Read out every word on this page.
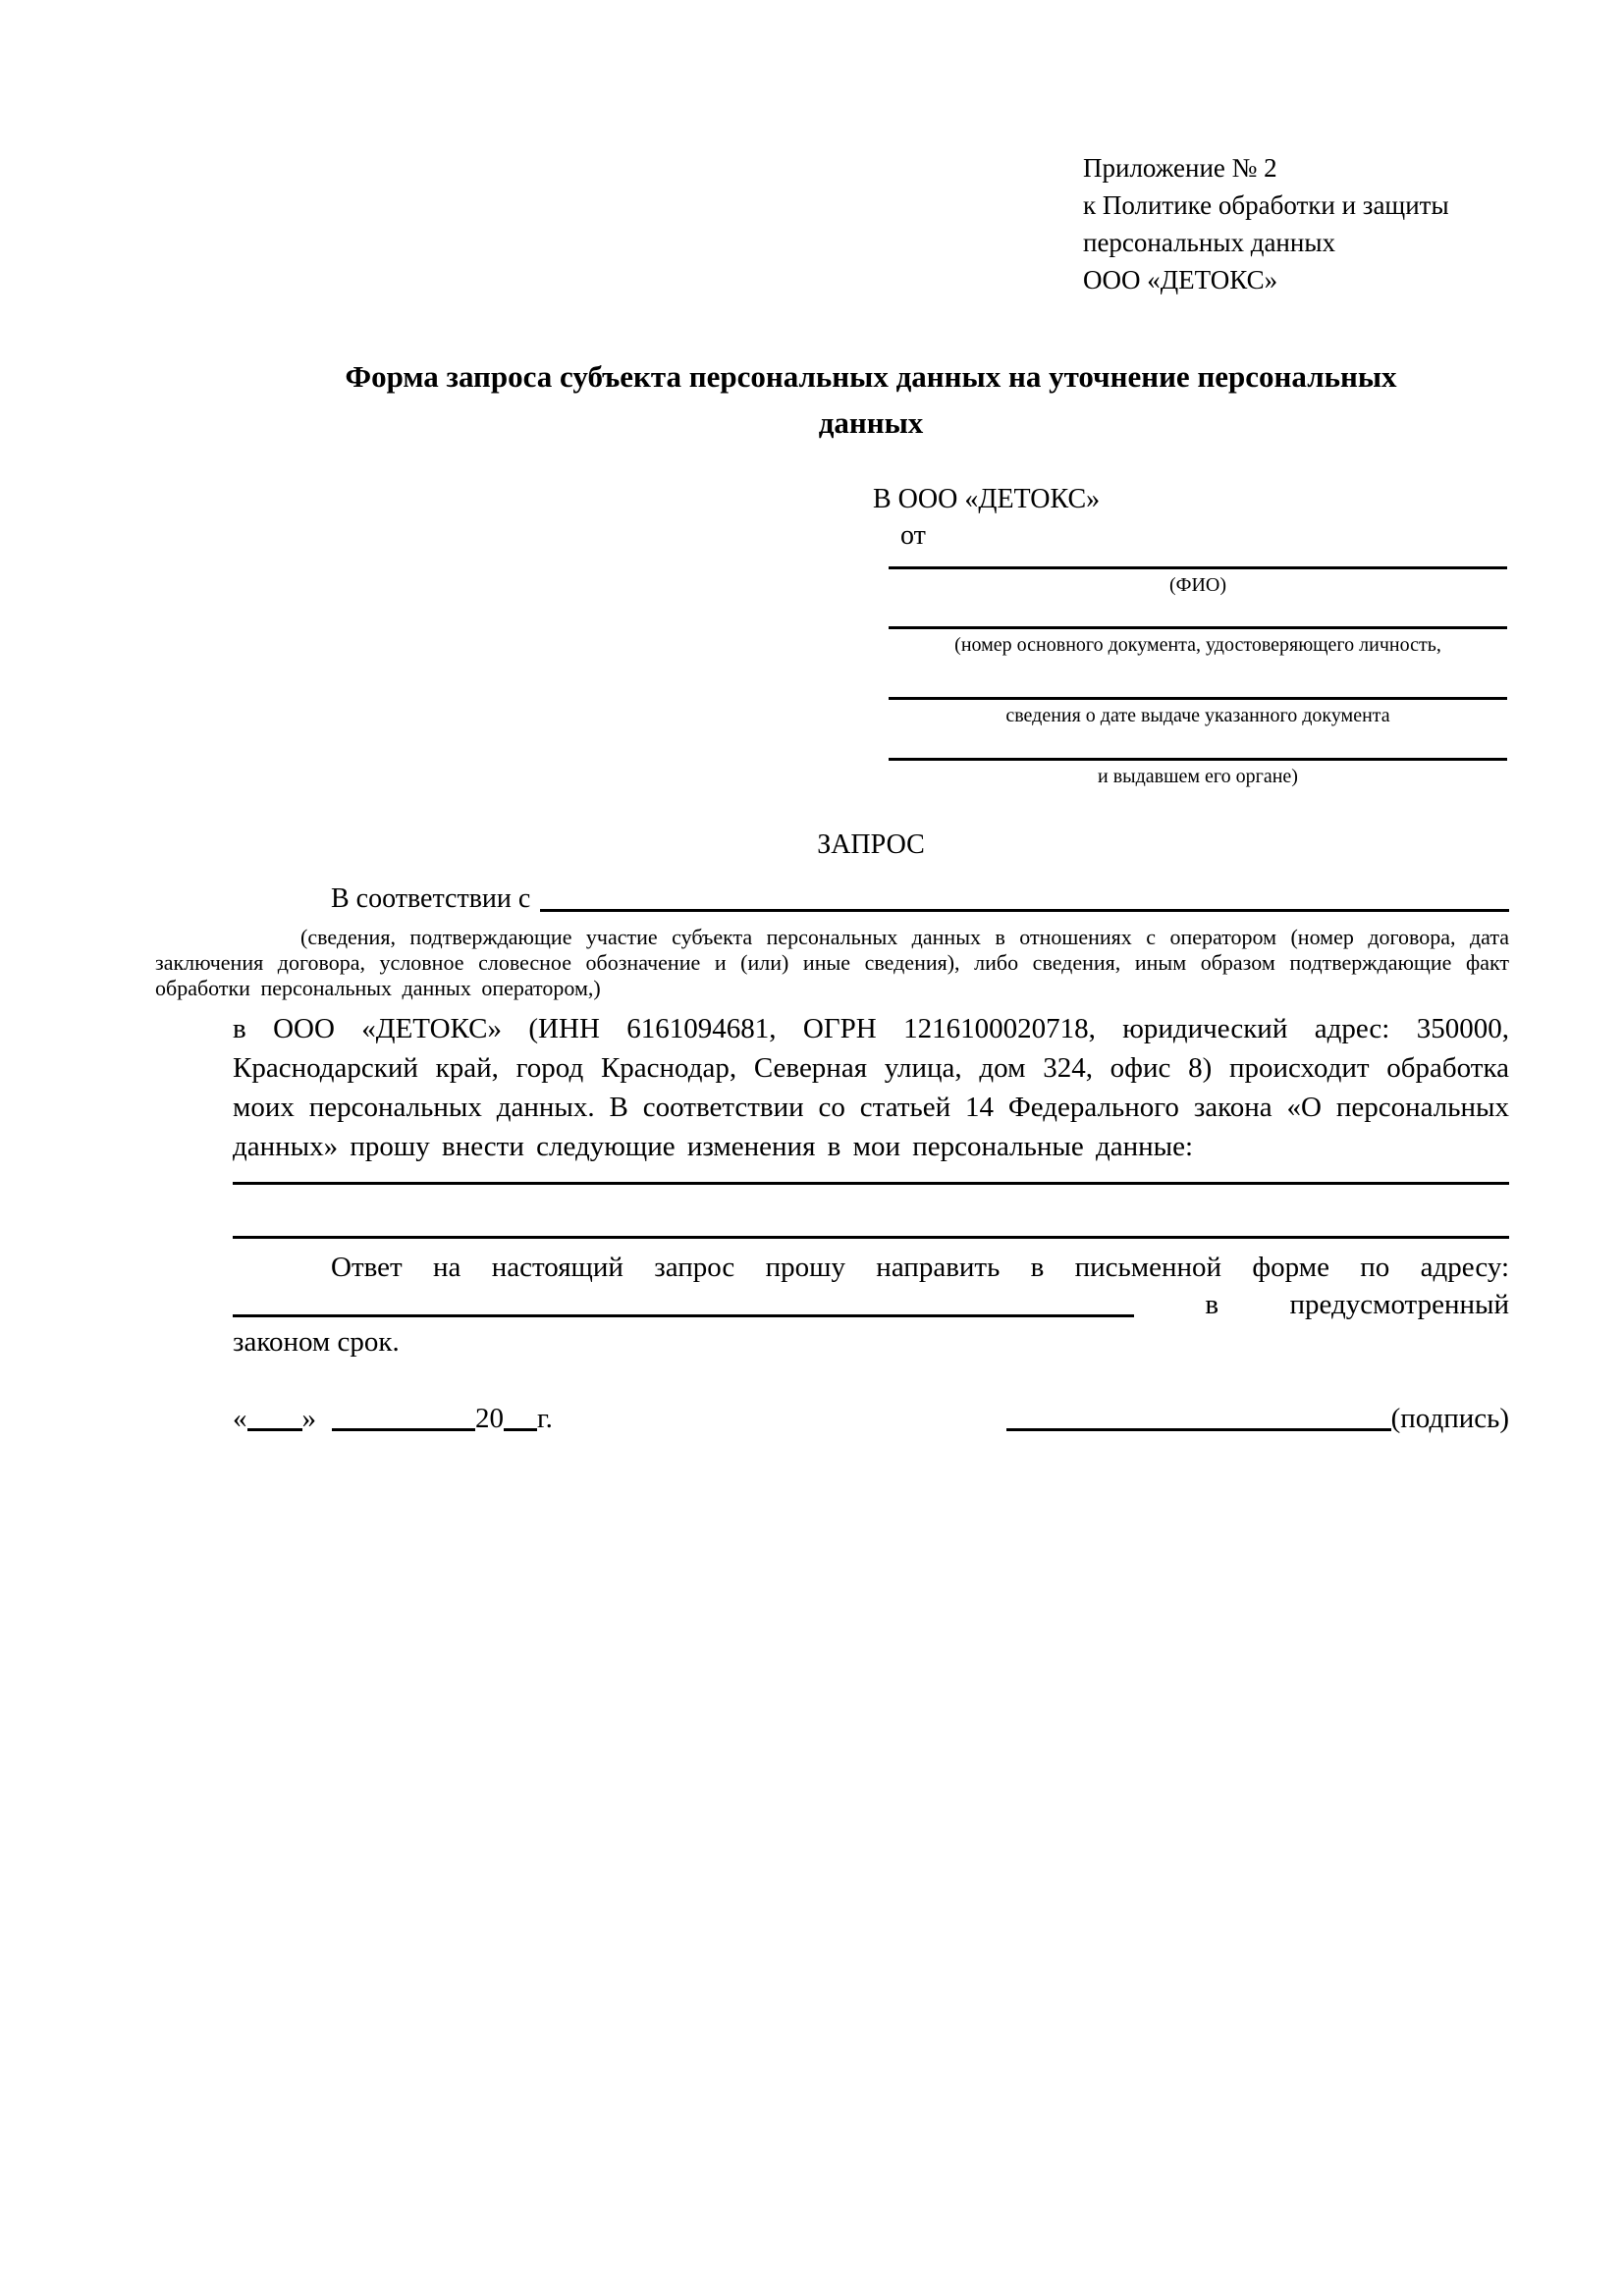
Приложение № 2
к Политике обработки и защиты
персональных данных
ООО «ДЕТОКС»
Форма запроса субъекта персональных данных на уточнение персональных данных
В ООО «ДЕТОКС»
от
(ФИО)
(номер основного документа, удостоверяющего личность,
сведения о дате выдаче указанного документа
и выдавшем его органе)
ЗАПРОС
В соответствии с

(сведения, подтверждающие участие субъекта персональных данных в отношениях с оператором (номер договора, дата заключения договора, условное словесное обозначение и (или) иные сведения), либо сведения, иным образом подтверждающие факт обработки персональных данных оператором,)

в ООО «ДЕТОКС» (ИНН 6161094681, ОГРН 1216100020718, юридический адрес: 350000, Краснодарский край, город Краснодар, Северная улица, дом 324, офис 8) происходит обработка моих персональных данных. В соответствии со статьей 14 Федерального закона «О персональных данных» прошу внести следующие изменения в мои персональные данные:

Ответ на настоящий запрос прошу направить в письменной форме по адресу:

в предусмотренный

законом срок.

« »	20 г.	(подпись)
